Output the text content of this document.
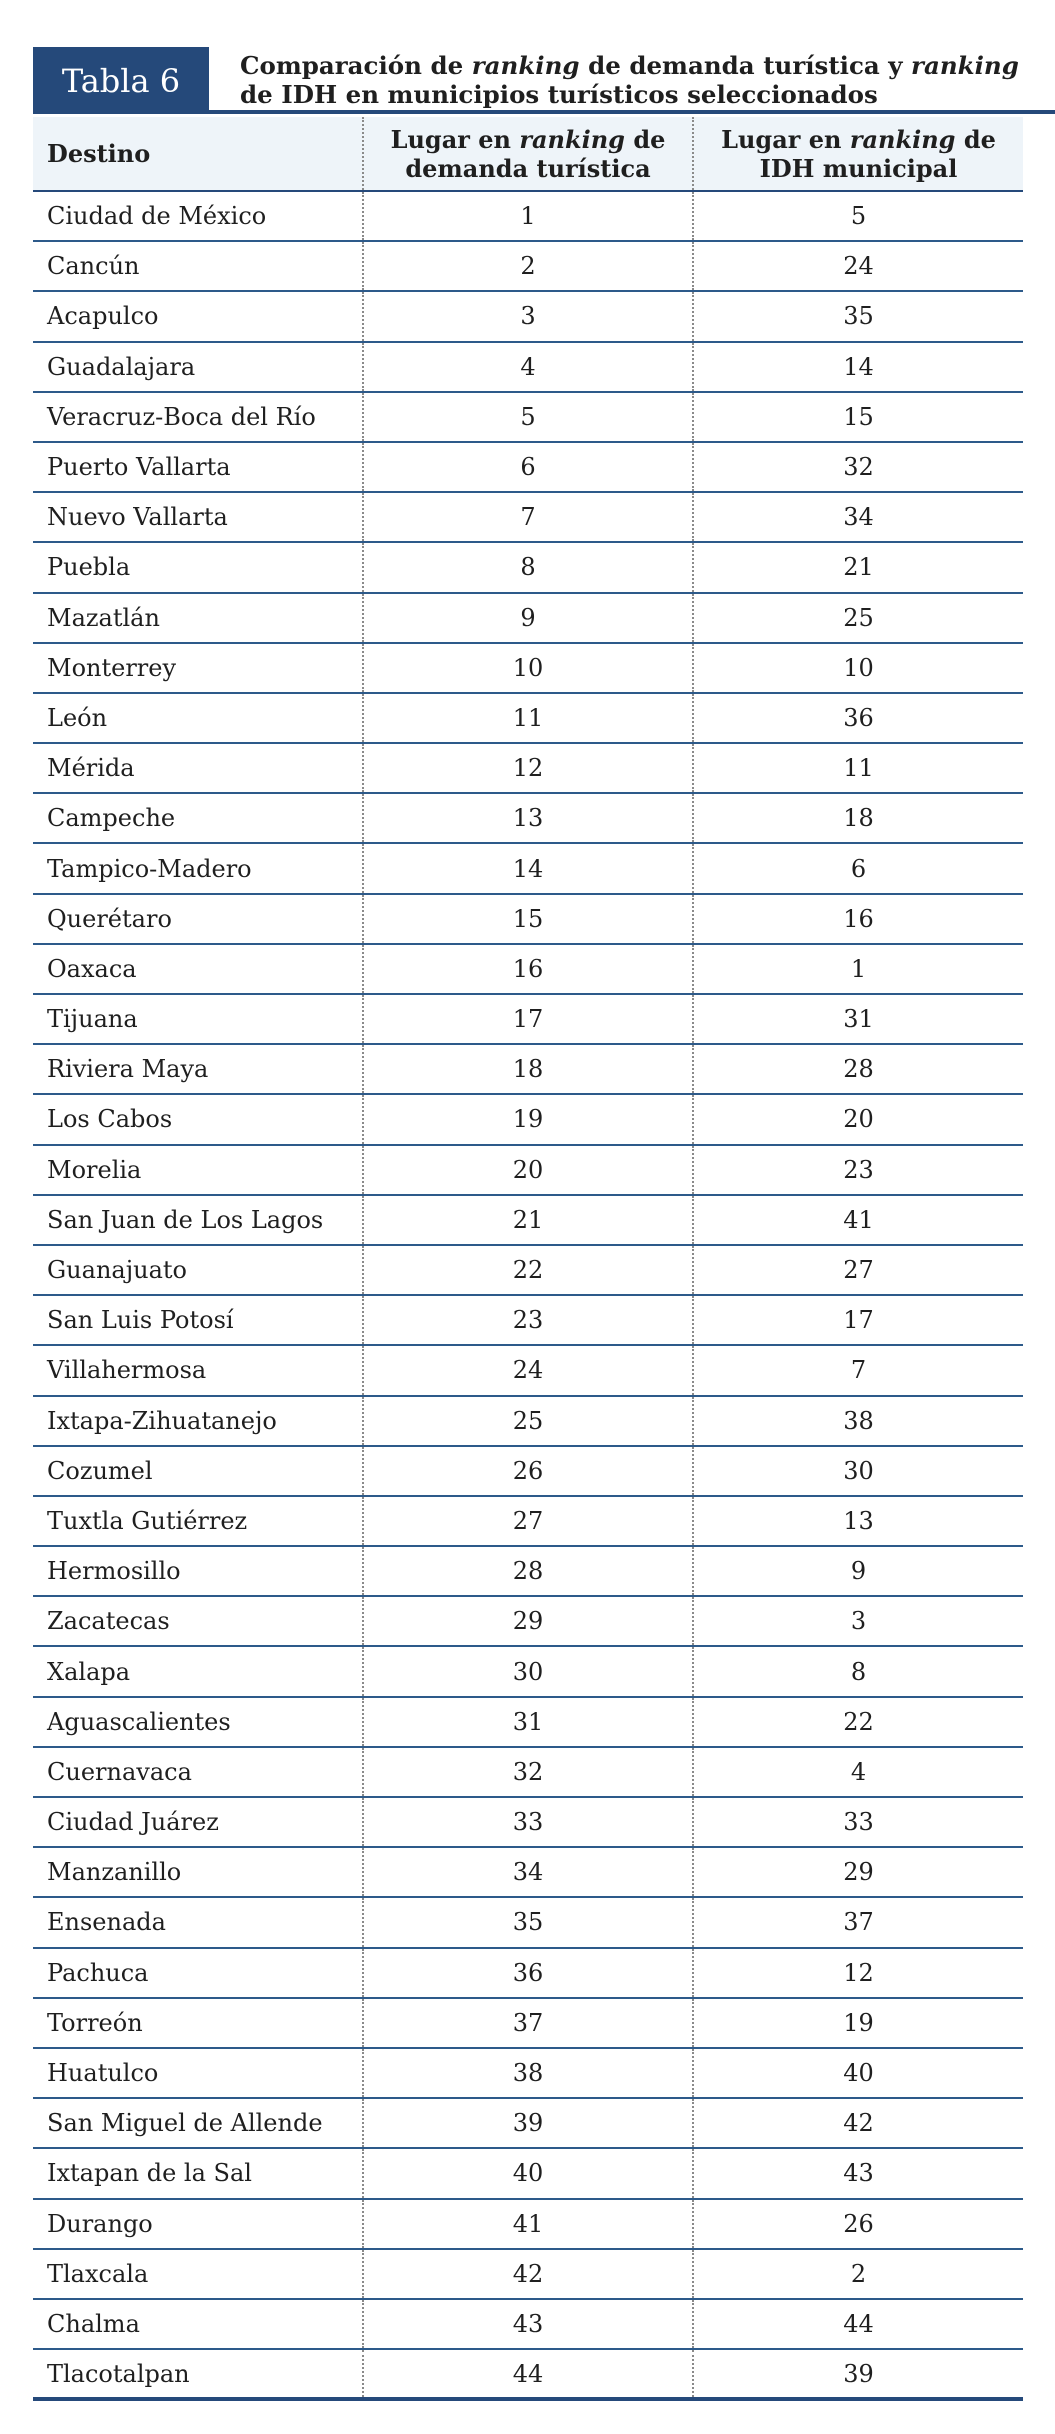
Tabla 6	Comparación de ranking de demanda turística y ranking de IDH en municipios turísticos seleccionados
Destino	Lugar en ranking de demanda turística	Lugar en ranking de IDH municipal
Ciudad de México	1	5
Cancún	2	24
Acapulco	3	35
Guadalajara	4	14
Veracruz-Boca del Río	5	15
Puerto Vallarta	6	32
Nuevo Vallarta	7	34
Puebla	8	21
Mazatlán	9	25
Monterrey	10	10
León	11	36
Mérida	12	11
Campeche	13	18
Tampico-Madero	14	6
Querétaro	15	16
Oaxaca	16	1
Tijuana	17	31
Riviera Maya	18	28
Los Cabos	19	20
Morelia	20	23
San Juan de Los Lagos	21	41
Guanajuato	22	27
San Luis Potosí	23	17
Villahermosa	24	7
Ixtapa-Zihuatanejo	25	38
Cozumel	26	30
Tuxtla Gutiérrez	27	13
Hermosillo	28	9
Zacatecas	29	3
Xalapa	30	8
Aguascalientes	31	22
Cuernavaca	32	4
Ciudad Juárez	33	33
Manzanillo	34	29
Ensenada	35	37
Pachuca	36	12
Torreón	37	19
Huatulco	38	40
San Miguel de Allende	39	42
Ixtapan de la Sal	40	43
Durango	41	26
Tlaxcala	42	2
Chalma	43	44
Tlacotalpan	44	39
